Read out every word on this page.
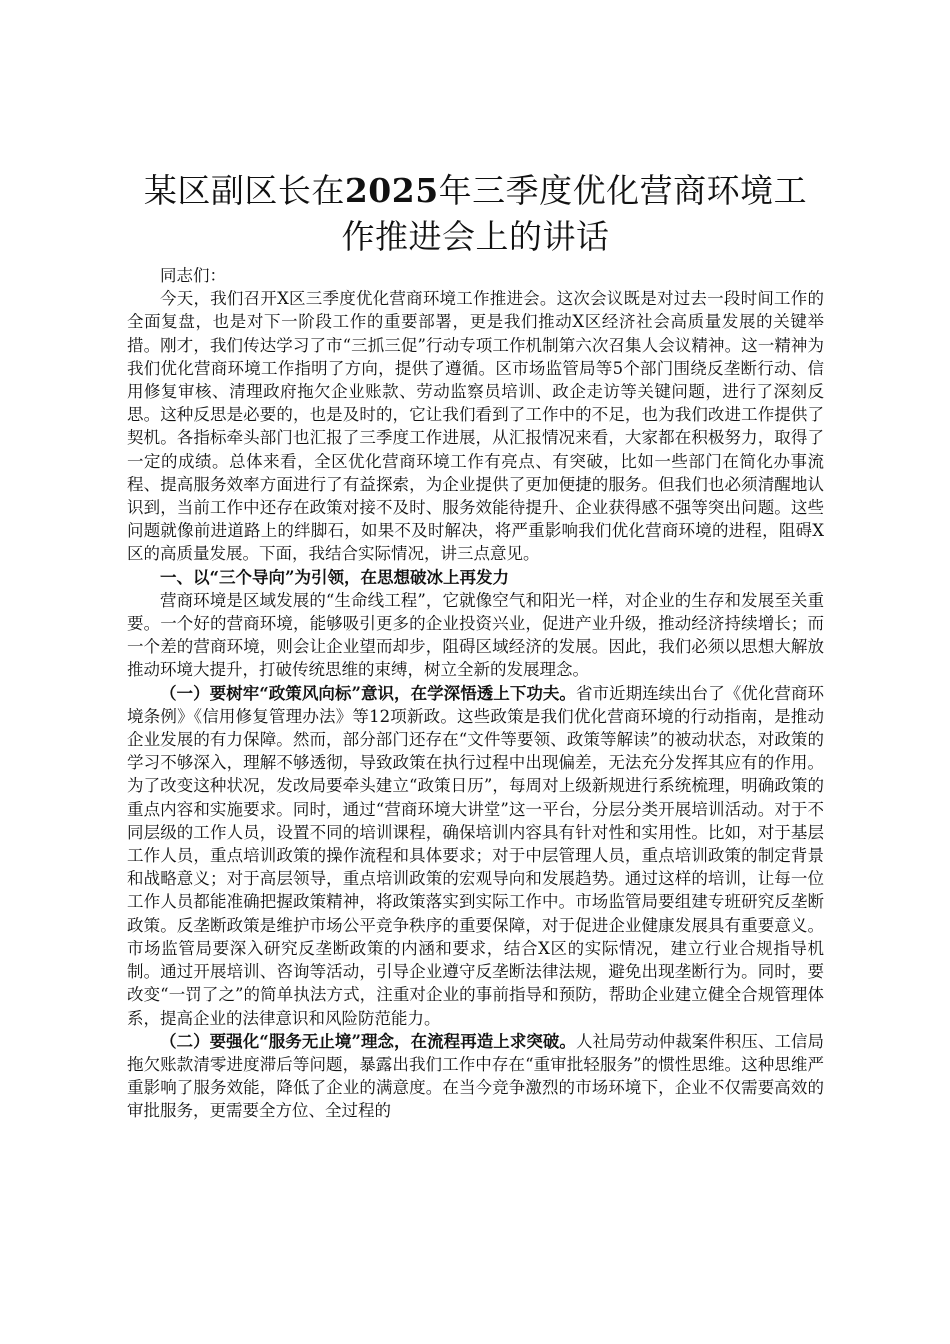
某区副区长在2025年三季度优化营商环境工作推进会上的讲话

同志们：

今天，我们召开X区三季度优化营商环境工作推进会。这次会议既是对过去一段时间工作的全面复盘，也是对下一阶段工作的重要部署，更是我们推动X区经济社会高质量发展的关键举措。刚才，我们传达学习了市“三抓三促”行动专项工作机制第六次召集人会议精神。这一精神为我们优化营商环境工作指明了方向，提供了遵循。区市场监管局等5个部门围绕反垄断行动、信用修复审核、清理政府拖欠企业账款、劳动监察员培训、政企走访等关键问题，进行了深刻反思。这种反思是必要的，也是及时的，它让我们看到了工作中的不足，也为我们改进工作提供了契机。各指标牵头部门也汇报了三季度工作进展，从汇报情况来看，大家都在积极努力，取得了一定的成绩。总体来看，全区优化营商环境工作有亮点、有突破，比如一些部门在简化办事流程、提高服务效率方面进行了有益探索，为企业提供了更加便捷的服务。但我们也必须清醒地认识到，当前工作中还存在政策对接不及时、服务效能待提升、企业获得感不强等突出问题。这些问题就像前进道路上的绊脚石，如果不及时解决，将严重影响我们优化营商环境的进程，阻碍X区的高质量发展。下面，我结合实际情况，讲三点意见。

一、以“三个导向”为引领，在思想破冰上再发力

营商环境是区域发展的“生命线工程”，它就像空气和阳光一样，对企业的生存和发展至关重要。一个好的营商环境，能够吸引更多的企业投资兴业，促进产业升级，推动经济持续增长；而一个差的营商环境，则会让企业望而却步，阻碍区域经济的发展。因此，我们必须以思想大解放推动环境大提升，打破传统思维的束缚，树立全新的发展理念。

（一）要树牢“政策风向标”意识，在学深悟透上下功夫。省市近期连续出台了《优化营商环境条例》《信用修复管理办法》等12项新政。这些政策是我们优化营商环境的行动指南，是推动企业发展的有力保障。然而，部分部门还存在“文件等要领、政策等解读”的被动状态，对政策的学习不够深入，理解不够透彻，导致政策在执行过程中出现偏差，无法充分发挥其应有的作用。为了改变这种状况，发改局要牵头建立“政策日历”，每周对上级新规进行系统梳理，明确政策的重点内容和实施要求。同时，通过“营商环境大讲堂”这一平台，分层分类开展培训活动。对于不同层级的工作人员，设置不同的培训课程，确保培训内容具有针对性和实用性。比如，对于基层工作人员，重点培训政策的操作流程和具体要求；对于中层管理人员，重点培训政策的制定背景和战略意义；对于高层领导，重点培训政策的宏观导向和发展趋势。通过这样的培训，让每一位工作人员都能准确把握政策精神，将政策落实到实际工作中。市场监管局要组建专班研究反垄断政策。反垄断政策是维护市场公平竞争秩序的重要保障，对于促进企业健康发展具有重要意义。市场监管局要深入研究反垄断政策的内涵和要求，结合X区的实际情况，建立行业合规指导机制。通过开展培训、咨询等活动，引导企业遵守反垄断法律法规，避免出现垄断行为。同时，要改变“一罚了之”的简单执法方式，注重对企业的事前指导和预防，帮助企业建立健全合规管理体系，提高企业的法律意识和风险防范能力。

（二）要强化“服务无止境”理念，在流程再造上求突破。人社局劳动仲裁案件积压、工信局拖欠账款清零进度滞后等问题，暴露出我们工作中存在“重审批轻服务”的惯性思维。这种思维严重影响了服务效能，降低了企业的满意度。在当今竞争激烈的市场环境下，企业不仅需要高效的审批服务，更需要全方位、全过程的
